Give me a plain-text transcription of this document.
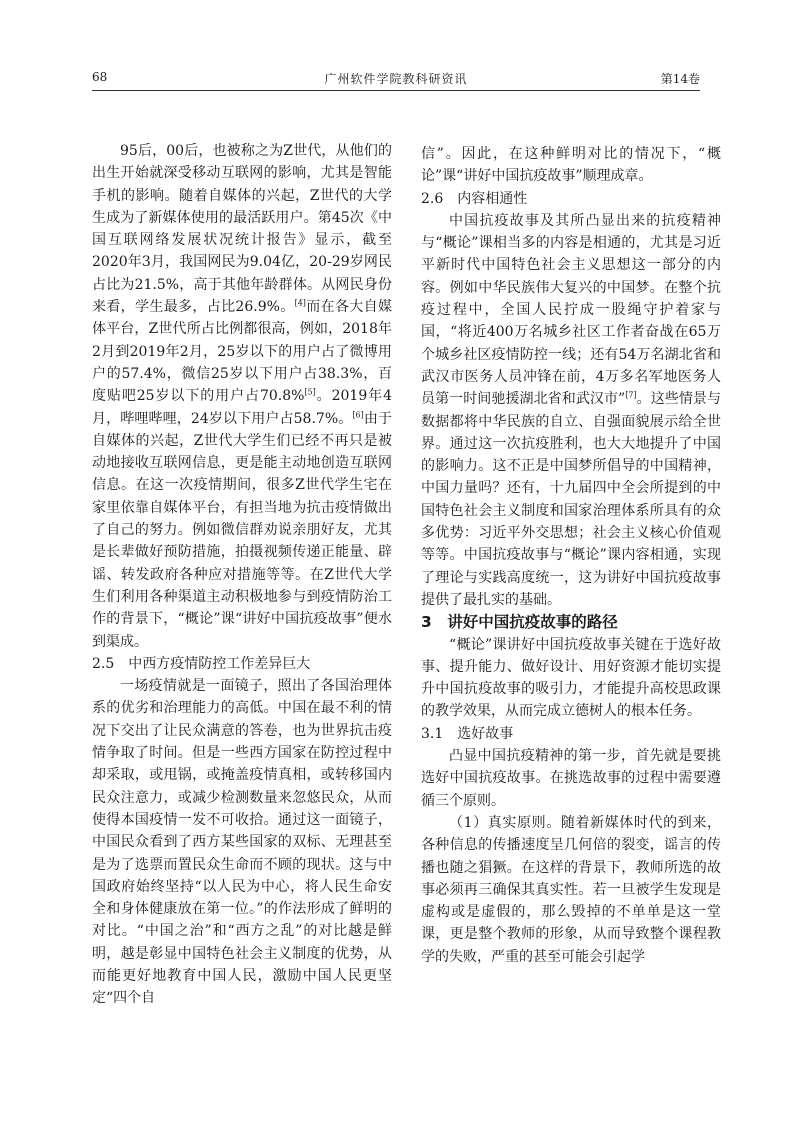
68	广州软件学院教科研资讯	第14卷

95后，00后，也被称之为Z世代，从他们的出生开始就深受移动互联网的影响，尤其是智能手机的影响。随着自媒体的兴起，Z世代的大学生成为了新媒体使用的最活跃用户。第45次《中国互联网络发展状况统计报告》显示，截至2020年3月，我国网民为9.04亿，20-29岁网民占比为21.5%，高于其他年龄群体。从网民身份来看，学生最多，占比26.9%。[4]而在各大自媒体平台，Z世代所占比例都很高，例如，2018年2月到2019年2月，25岁以下的用户占了微博用户的57.4%，微信25岁以下用户占38.3%，百度贴吧25岁以下的用户占70.8%[5]。2019年4月，哔哩哔哩，24岁以下用户占58.7%。[6]由于自媒体的兴起，Z世代大学生们已经不再只是被动地接收互联网信息，更是能主动地创造互联网信息。在这一次疫情期间，很多Z世代学生宅在家里依靠自媒体平台，有担当地为抗击疫情做出了自己的努力。例如微信群劝说亲朋好友，尤其是长辈做好预防措施，拍摄视频传递正能量、辟谣、转发政府各种应对措施等等。在Z世代大学生们利用各种渠道主动积极地参与到疫情防治工作的背景下，“概论”课“讲好中国抗疫故事”便水到渠成。

2.5　中西方疫情防控工作差异巨大

一场疫情就是一面镜子，照出了各国治理体系的优劣和治理能力的高低。中国在最不利的情况下交出了让民众满意的答卷，也为世界抗击疫情争取了时间。但是一些西方国家在防控过程中却采取，或甩锅，或掩盖疫情真相，或转移国内民众注意力，或减少检测数量来忽悠民众，从而使得本国疫情一发不可收拾。通过这一面镜子，中国民众看到了西方某些国家的双标、无理甚至是为了选票而置民众生命而不顾的现状。这与中国政府始终坚持“以人民为中心，将人民生命安全和身体健康放在第一位。”的作法形成了鲜明的对比。“中国之治”和“西方之乱”的对比越是鲜明，越是彰显中国特色社会主义制度的优势，从而能更好地教育中国人民，激励中国人民更坚定“四个自

信”。因此，在这种鲜明对比的情况下，“概论”课“讲好中国抗疫故事”顺理成章。

2.6　内容相通性

中国抗疫故事及其所凸显出来的抗疫精神与“概论”课相当多的内容是相通的，尤其是习近平新时代中国特色社会主义思想这一部分的内容。例如中华民族伟大复兴的中国梦。在整个抗疫过程中，全国人民拧成一股绳守护着家与国，“将近400万名城乡社区工作者奋战在65万个城乡社区疫情防控一线；还有54万名湖北省和武汉市医务人员冲锋在前，4万多名军地医务人员第一时间驰援湖北省和武汉市”[7]。这些情景与数据都将中华民族的自立、自强面貌展示给全世界。通过这一次抗疫胜利，也大大地提升了中国的影响力。这不正是中国梦所倡导的中国精神，中国力量吗？还有，十九届四中全会所提到的中国特色社会主义制度和国家治理体系所具有的众多优势：习近平外交思想；社会主义核心价值观等等。中国抗疫故事与“概论”课内容相通，实现了理论与实践高度统一，这为讲好中国抗疫故事提供了最扎实的基础。

3　讲好中国抗疫故事的路径

“概论”课讲好中国抗疫故事关键在于选好故事、提升能力、做好设计、用好资源才能切实提升中国抗疫故事的吸引力，才能提升高校思政课的教学效果，从而完成立德树人的根本任务。

3.1　选好故事

凸显中国抗疫精神的第一步，首先就是要挑选好中国抗疫故事。在挑选故事的过程中需要遵循三个原则。

（1）真实原则。随着新媒体时代的到来，各种信息的传播速度呈几何倍的裂变，谣言的传播也随之猖獗。在这样的背景下，教师所选的故事必须再三确保其真实性。若一旦被学生发现是虚构或是虚假的，那么毁掉的不单单是这一堂课，更是整个教师的形象，从而导致整个课程教学的失败，严重的甚至可能会引起学
